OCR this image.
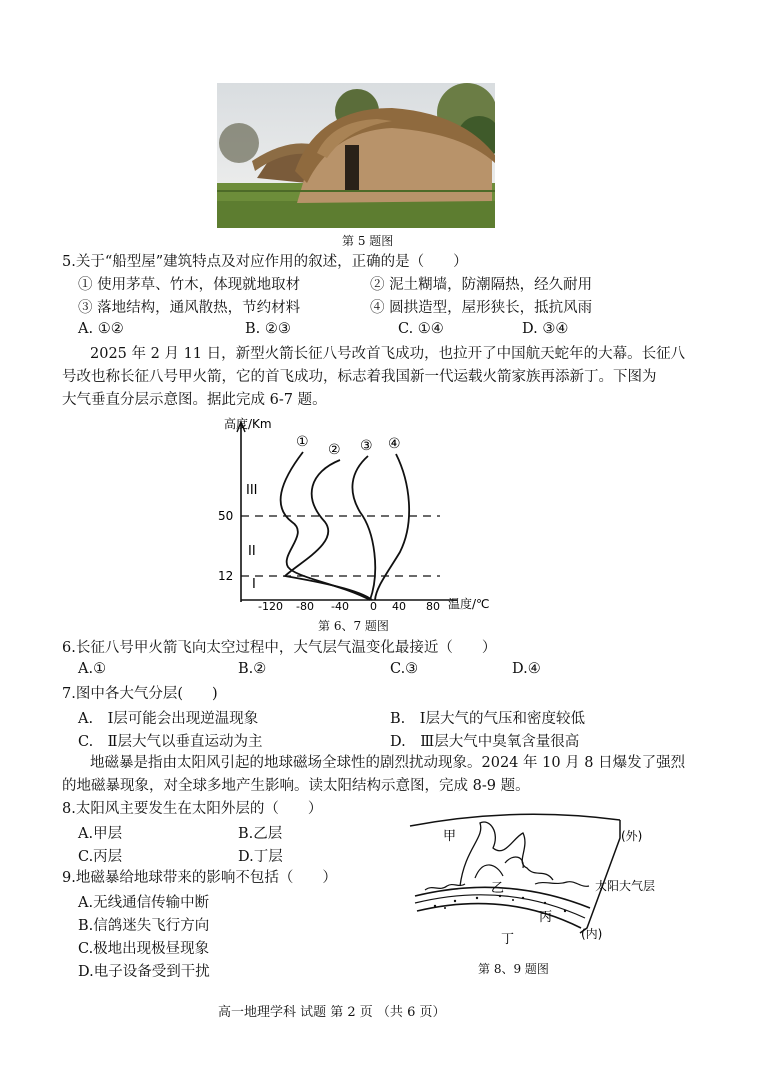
第 5 题图
5.关于“船型屋”建筑特点及对应作用的叙述，正确的是（　　）
① 使用茅草、竹木，体现就地取材	② 泥土糊墙，防潮隔热，经久耐用
③ 落地结构，通风散热，节约材料	④ 圆拱造型，屋形狭长，抵抗风雨
A. ①②	B. ②③	C. ①④	D. ③④
2025 年 2 月 11 日，新型火箭长征八号改首飞成功，也拉开了中国航天蛇年的大幕。长征八
号改也称长征八号甲火箭，它的首飞成功，标志着我国新一代运载火箭家族再添新丁。下图为
大气垂直分层示意图。据此完成 6-7 题。
高度/Km
温度/℃
50
12
-120 -80 -40 0 40 80
III
II
I
① ② ③ ④
第 6、7 题图
6.长征八号甲火箭飞向太空过程中，大气层气温变化最接近（　　）
A.①	B.②	C.③	D.④
7.图中各大气分层(　　)
A.　Ⅰ层可能会出现逆温现象	B.　Ⅰ层大气的气压和密度较低
C.　Ⅱ层大气以垂直运动为主	D.　Ⅲ层大气中臭氧含量很高
地磁暴是指由太阳风引起的地球磁场全球性的剧烈扰动现象。2024 年 10 月 8 日爆发了强烈
的地磁暴现象，对全球多地产生影响。读太阳结构示意图，完成 8-9 题。
8.太阳风主要发生在太阳外层的（　　）
A.甲层	B.乙层
C.丙层	D.丁层
9.地磁暴给地球带来的影响不包括（　　）
A.无线通信传输中断
B.信鸽迷失飞行方向
C.极地出现极昼现象
D.电子设备受到干扰
甲
乙
丙
丁
(外)
(内)
太阳大气层
第 8、9 题图
高一地理学科 试题 第 2 页 （共 6 页）
